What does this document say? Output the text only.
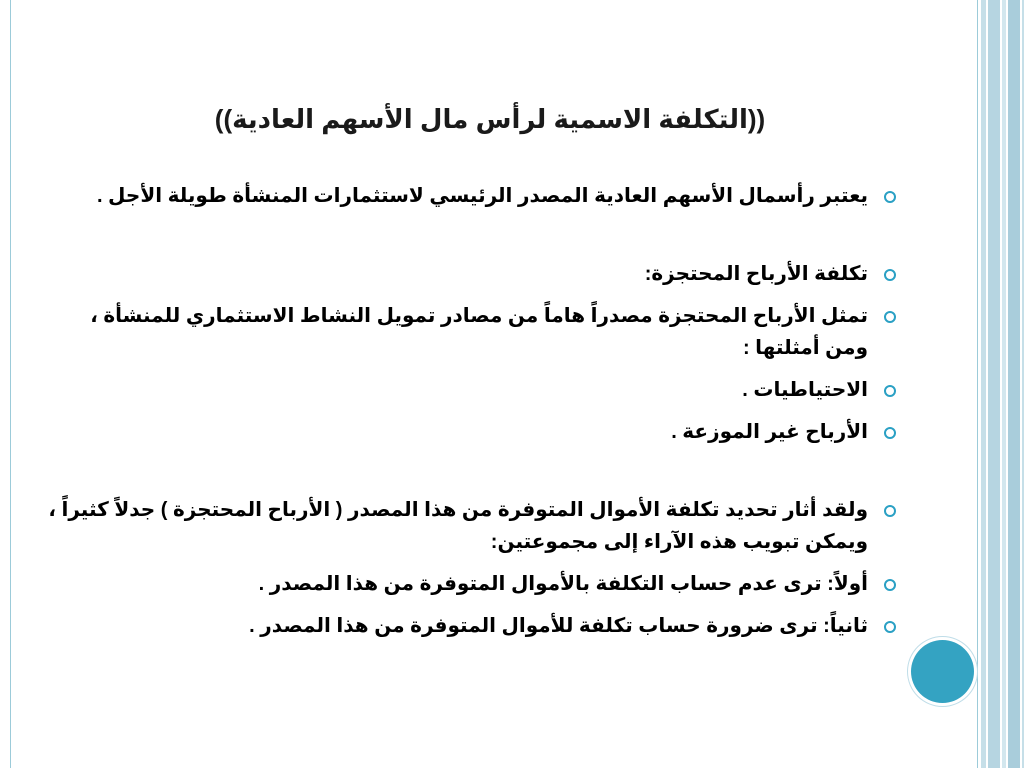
((التكلفة الاسمية لرأس مال الأسهم العادية))
يعتبر رأسمال الأسهم العادية المصدر الرئيسي لاستثمارات المنشأة طويلة الأجل .
تكلفة الأرباح المحتجزة:
تمثل الأرباح المحتجزة مصدراً هاماً من مصادر تمويل النشاط الاستثماري للمنشأة ، ومن أمثلتها :
الاحتياطيات .
الأرباح غير الموزعة .
ولقد أثار تحديد تكلفة الأموال المتوفرة من هذا المصدر ( الأرباح المحتجزة ) جدلاً كثيراً ، ويمكن تبويب هذه الآراء إلى مجموعتين:
أولاً: ترى عدم حساب التكلفة بالأموال المتوفرة من هذا المصدر .
ثانياً: ترى ضرورة حساب تكلفة للأموال المتوفرة من هذا المصدر .
